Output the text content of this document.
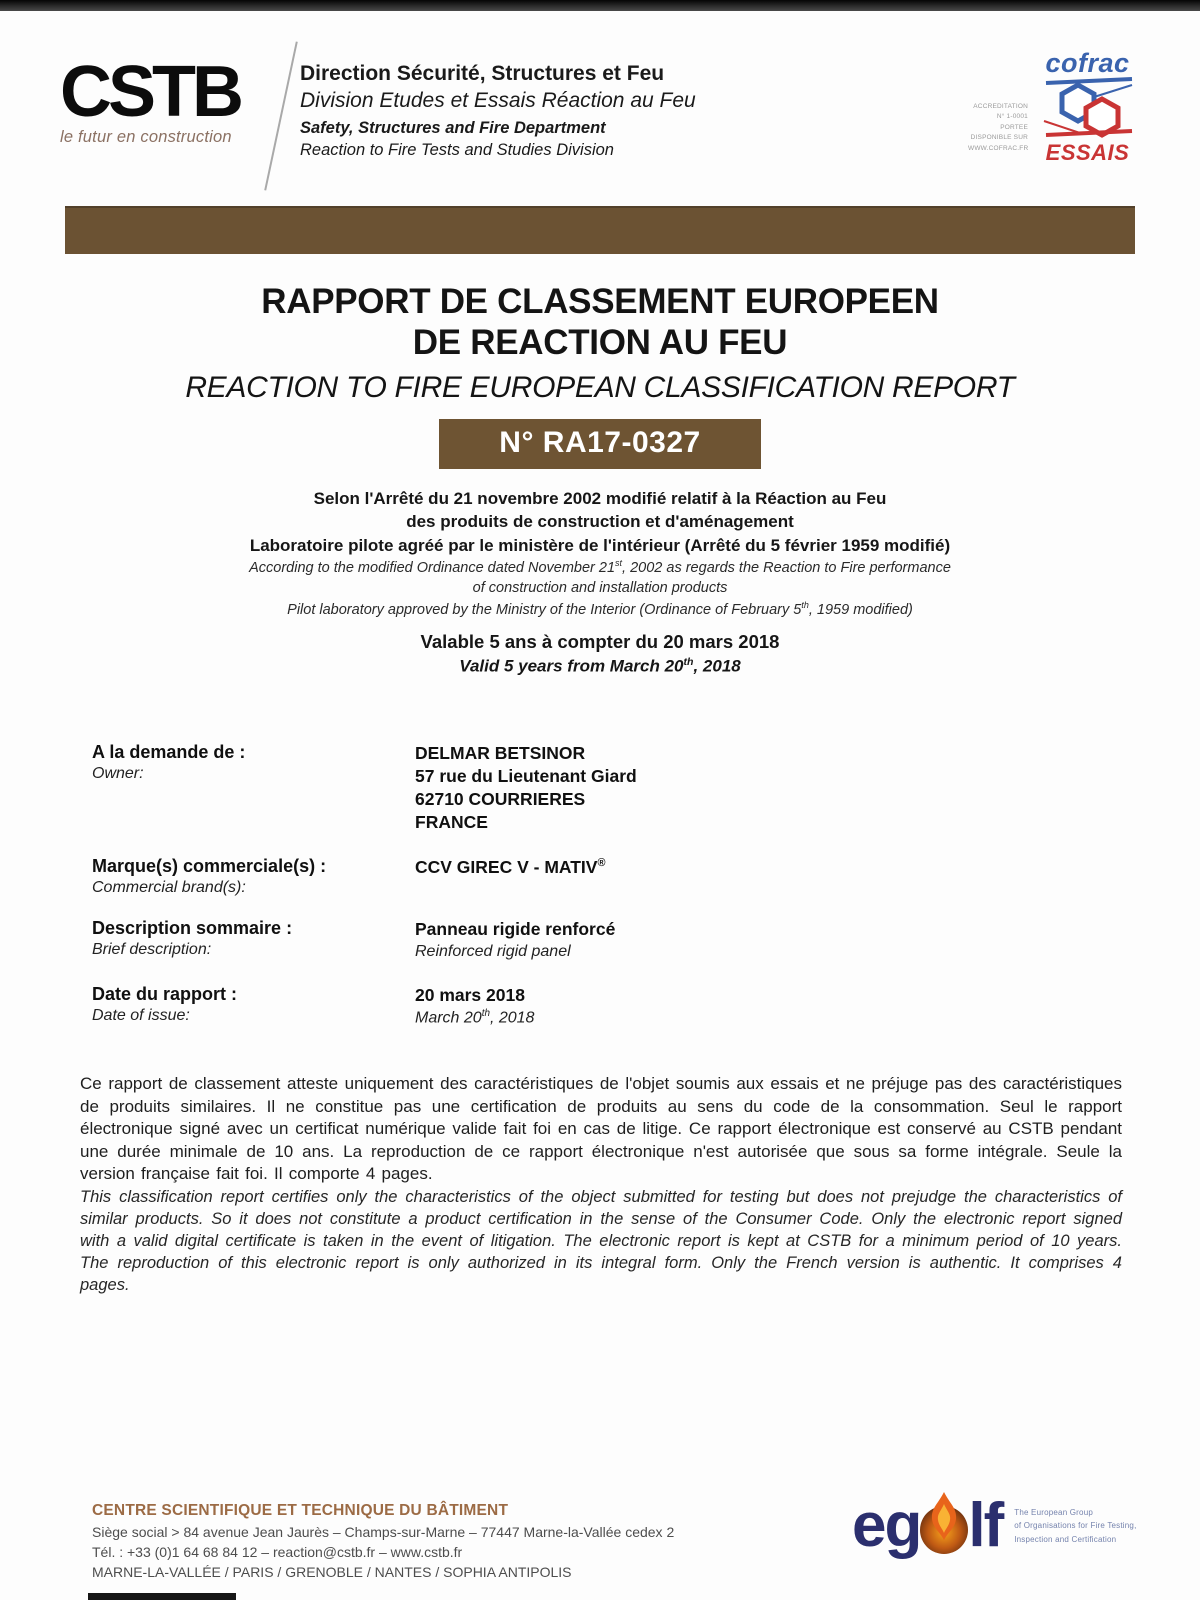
CSTB
le futur en construction
Direction Sécurité, Structures et Feu
Division Etudes et Essais Réaction au Feu
Safety, Structures and Fire Department
Reaction to Fire Tests and Studies Division
ACCREDITATION
N° 1-0001
PORTEE
DISPONIBLE SUR
WWW.COFRAC.FR
cofrac
ESSAIS
RAPPORT DE CLASSEMENT EUROPEEN
DE REACTION AU FEU
REACTION TO FIRE EUROPEAN CLASSIFICATION REPORT
N° RA17-0327
Selon l'Arrêté du 21 novembre 2002 modifié relatif à la Réaction au Feu
des produits de construction et d'aménagement
Laboratoire pilote agréé par le ministère de l'intérieur (Arrêté du 5 février 1959 modifié)
According to the modified Ordinance dated November 21st, 2002 as regards the Reaction to Fire performance
of construction and installation products
Pilot laboratory approved by the Ministry of the Interior (Ordinance of February 5th, 1959 modified)
Valable 5 ans à compter du 20 mars 2018
Valid 5 years from March 20th, 2018
A la demande de :
Owner:
DELMAR BETSINOR
57 rue du Lieutenant Giard
62710 COURRIERES
FRANCE
Marque(s) commerciale(s) :
Commercial brand(s):
CCV GIREC V - MATIV®
Description sommaire :
Brief description:
Panneau rigide renforcé
Reinforced rigid panel
Date du rapport :
Date of issue:
20 mars 2018
March 20th, 2018
Ce rapport de classement atteste uniquement des caractéristiques de l'objet soumis aux essais et ne préjuge pas des caractéristiques de produits similaires. Il ne constitue pas une certification de produits au sens du code de la consommation. Seul le rapport électronique signé avec un certificat numérique valide fait foi en cas de litige. Ce rapport électronique est conservé au CSTB pendant une durée minimale de 10 ans. La reproduction de ce rapport électronique n'est autorisée que sous sa forme intégrale. Seule la version française fait foi. Il comporte 4 pages.
This classification report certifies only the characteristics of the object submitted for testing but does not prejudge the characteristics of similar products. So it does not constitute a product certification in the sense of the Consumer Code. Only the electronic report signed with a valid digital certificate is taken in the event of litigation. The electronic report is kept at CSTB for a minimum period of 10 years. The reproduction of this electronic report is only authorized in its integral form. Only the French version is authentic. It comprises 4 pages.
CENTRE SCIENTIFIQUE ET TECHNIQUE DU BÂTIMENT
Siège social > 84 avenue Jean Jaurès – Champs-sur-Marne – 77447 Marne-la-Vallée cedex 2
Tél. : +33 (0)1 64 68 84 12 – reaction@cstb.fr – www.cstb.fr
MARNE-LA-VALLÉE / PARIS / GRENOBLE / NANTES / SOPHIA ANTIPOLIS
eg lf The European Group
of Organisations for Fire Testing,
Inspection and Certification
